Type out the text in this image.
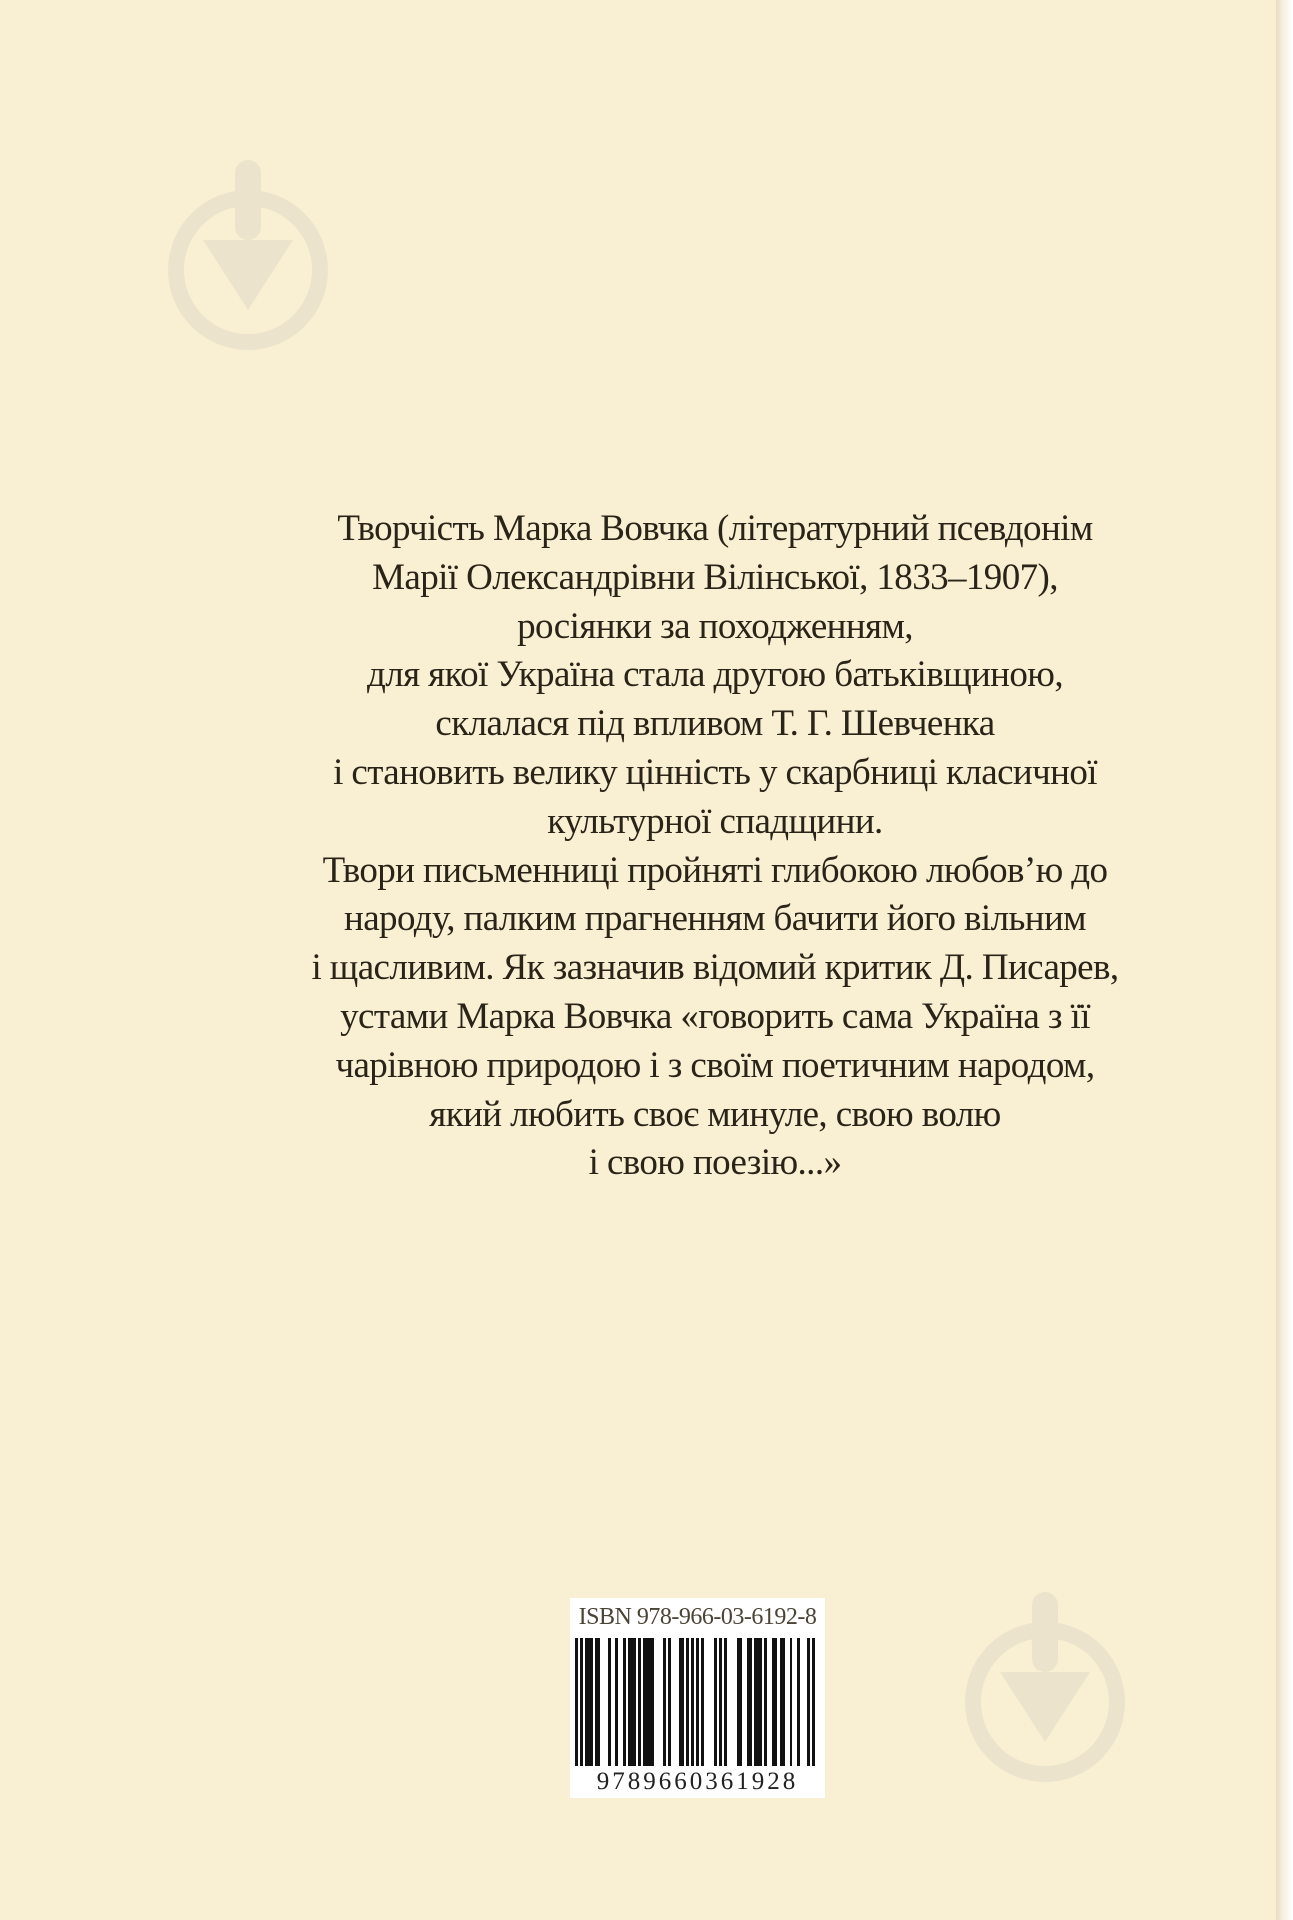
Творчість Марка Вовчка (літературний псевдонім
Марії Олександрівни Вілінської, 1833–1907),
росіянки за походженням,
для якої Україна стала другою батьківщиною,
склалася під впливом Т. Г. Шевченка
і становить велику цінність у скарбниці класичної
культурної спадщини.
Твори письменниці пройняті глибокою любов’ю до
народу, палким прагненням бачити його вільним
і щасливим. Як зазначив відомий критик Д. Писарев,
устами Марка Вовчка «говорить сама Україна з її
чарівною природою і з своїм поетичним народом,
який любить своє минуле, свою волю
і свою поезію...»
ISBN 978-966-03-6192-8
9789660361928
